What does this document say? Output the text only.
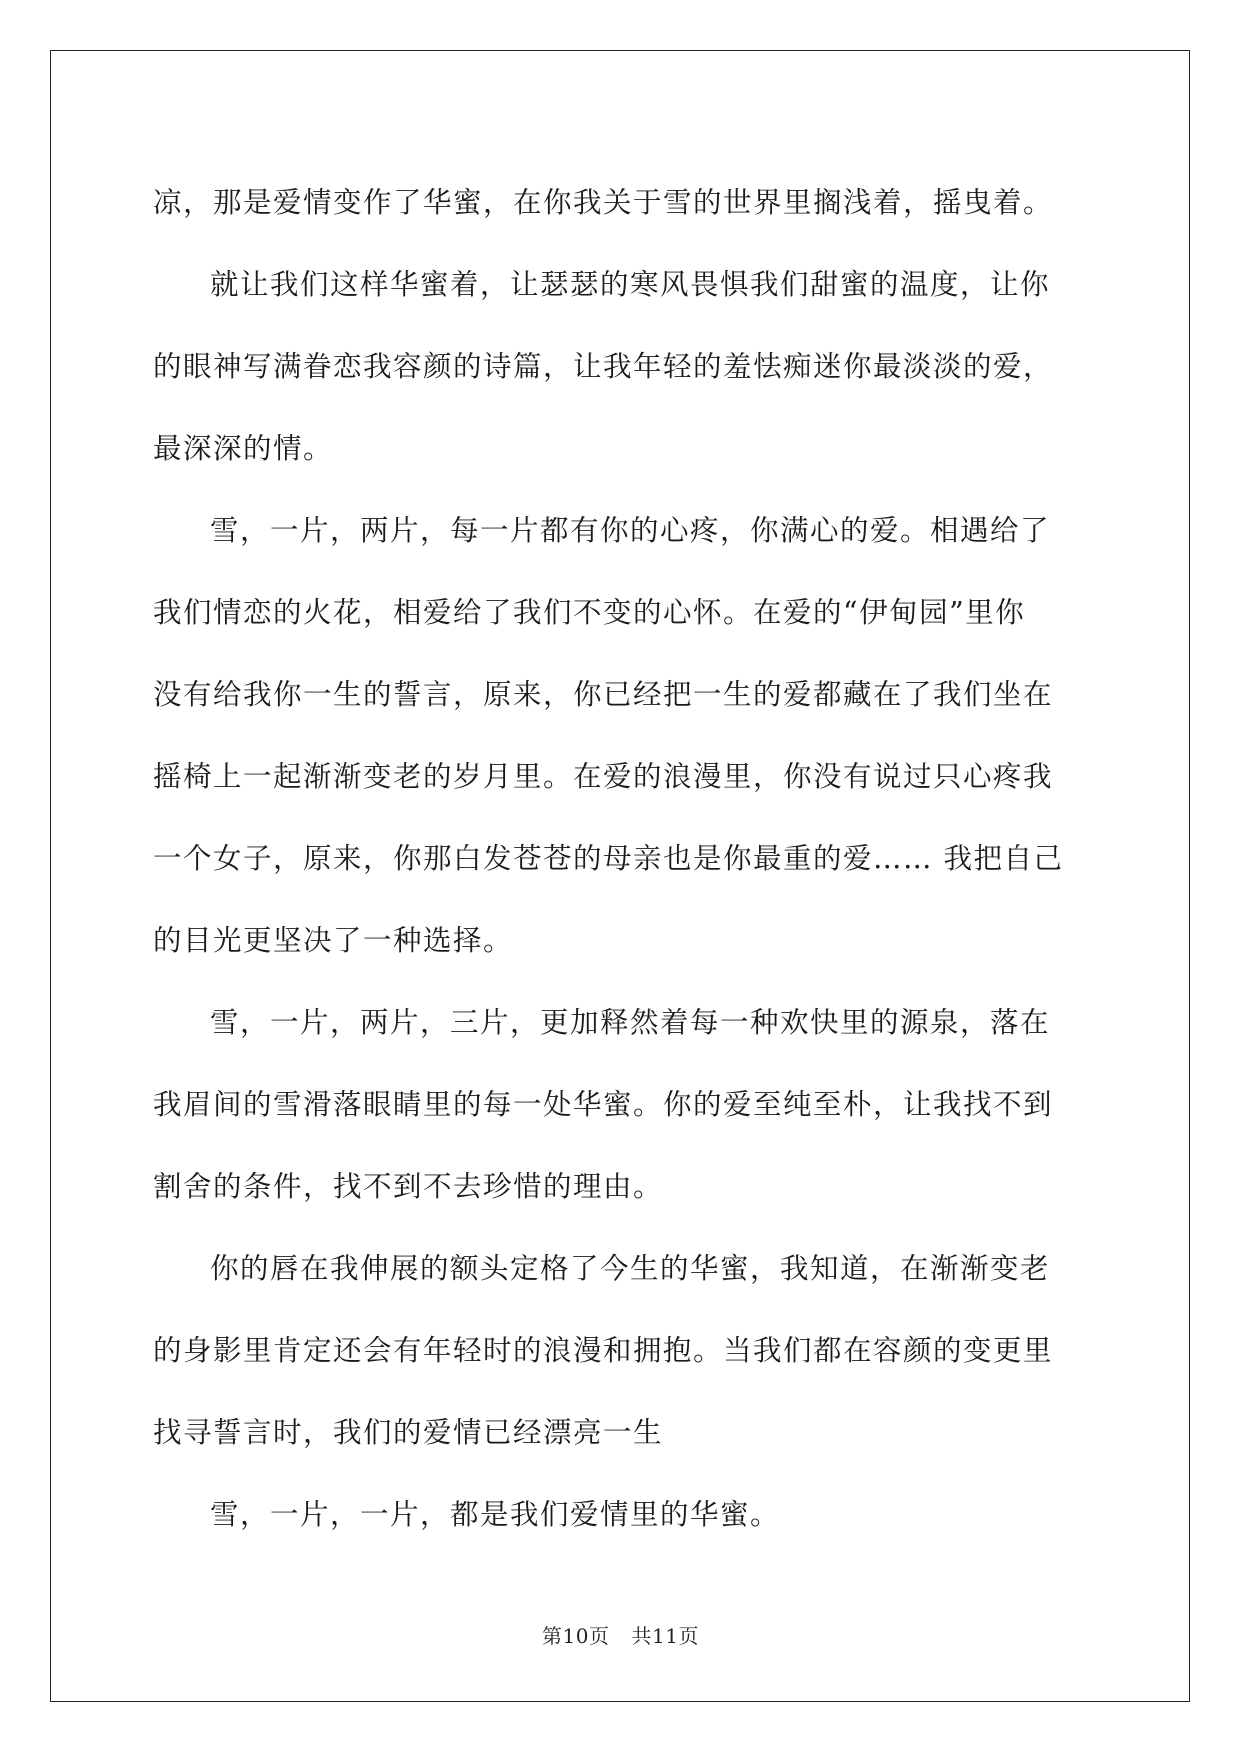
凉，那是爱情变作了华蜜，在你我关于雪的世界里搁浅着，摇曳着。
就让我们这样华蜜着，让瑟瑟的寒风畏惧我们甜蜜的温度，让你
的眼神写满眷恋我容颜的诗篇，让我年轻的羞怯痴迷你最淡淡的爱，
最深深的情。
雪，一片，两片，每一片都有你的心疼，你满心的爱。相遇给了
我们情恋的火花，相爱给了我们不变的心怀。在爱的“伊甸园”里你
没有给我你一生的誓言，原来，你已经把一生的爱都藏在了我们坐在
摇椅上一起渐渐变老的岁月里。在爱的浪漫里，你没有说过只心疼我
一个女子，原来，你那白发苍苍的母亲也是你最重的爱…… 我把自己
的目光更坚决了一种选择。
雪，一片，两片，三片，更加释然着每一种欢快里的源泉，落在
我眉间的雪滑落眼睛里的每一处华蜜。你的爱至纯至朴，让我找不到
割舍的条件，找不到不去珍惜的理由。
你的唇在我伸展的额头定格了今生的华蜜，我知道，在渐渐变老
的身影里肯定还会有年轻时的浪漫和拥抱。当我们都在容颜的变更里
找寻誓言时，我们的爱情已经漂亮一生
雪，一片，一片，都是我们爱情里的华蜜。
第10页 共11页
